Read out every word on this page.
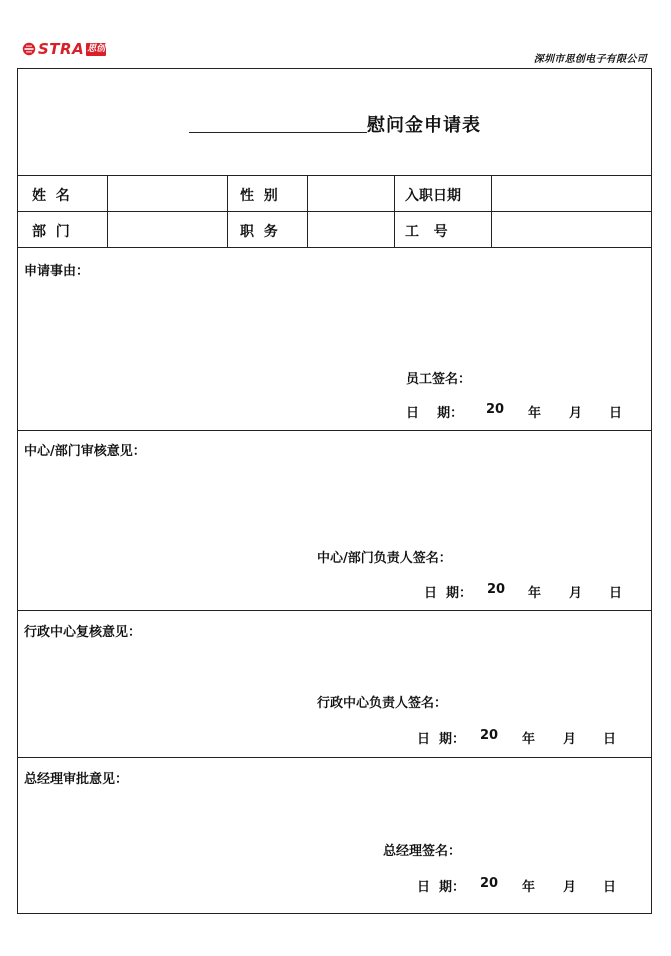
STRA 思创
深圳市思创电子有限公司
慰问金申请表
姓  名	性  别	入职日期
部  门	职  务	工   号
申请事由：
员工签名：
日    期： 20 年 月 日
中心/部门审核意见：
中心/部门负责人签名：
日  期： 20 年 月 日
行政中心复核意见：
行政中心负责人签名：
日  期： 20 年 月 日
总经理审批意见：
总经理签名：
日  期： 20 年 月 日
